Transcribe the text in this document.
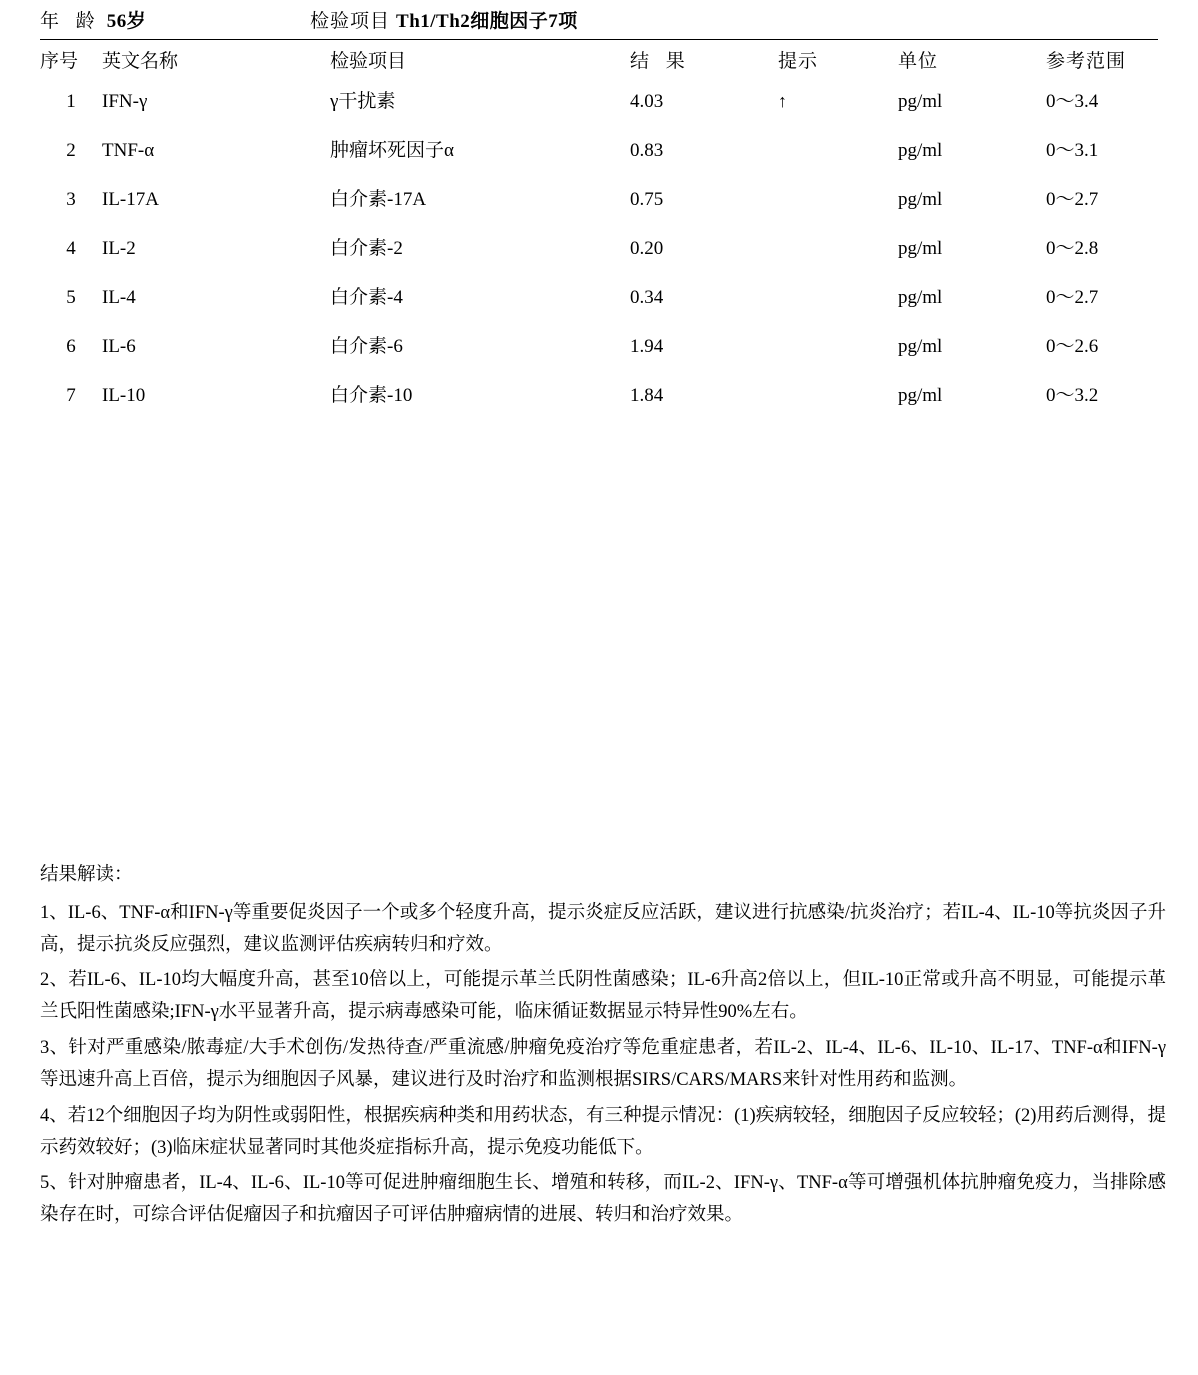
年 龄 56岁	检验项目 Th1/Th2细胞因子7项
序号	英文名称	检验项目	结 果	提示	单位	参考范围
1	IFN-γ	γ干扰素	4.03	↑	pg/ml	0～3.4
2	TNF-α	肿瘤坏死因子α	0.83		pg/ml	0～3.1
3	IL-17A	白介素-17A	0.75		pg/ml	0～2.7
4	IL-2	白介素-2	0.20		pg/ml	0～2.8
5	IL-4	白介素-4	0.34		pg/ml	0～2.7
6	IL-6	白介素-6	1.94		pg/ml	0～2.6
7	IL-10	白介素-10	1.84		pg/ml	0～3.2
结果解读：

1、IL-6、TNF-α和IFN-γ等重要促炎因子一个或多个轻度升高，提示炎症反应活跃，建议进行抗感染/抗炎治疗；若IL-4、IL-10等抗炎因子升高，提示抗炎反应强烈，建议监测评估疾病转归和疗效。

2、若IL-6、IL-10均大幅度升高，甚至10倍以上，可能提示革兰氏阴性菌感染；IL-6升高2倍以上，但IL-10正常或升高不明显，可能提示革兰氏阳性菌感染;IFN-γ水平显著升高，提示病毒感染可能，临床循证数据显示特异性90%左右。

3、针对严重感染/脓毒症/大手术创伤/发热待查/严重流感/肿瘤免疫治疗等危重症患者，若IL-2、IL-4、IL-6、IL-10、IL-17、TNF-α和IFN-γ等迅速升高上百倍，提示为细胞因子风暴，建议进行及时治疗和监测根据SIRS/CARS/MARS来针对性用药和监测。

4、若12个细胞因子均为阴性或弱阳性，根据疾病种类和用药状态，有三种提示情况：(1)疾病较轻，细胞因子反应较轻；(2)用药后测得，提示药效较好；(3)临床症状显著同时其他炎症指标升高，提示免疫功能低下。

5、针对肿瘤患者，IL-4、IL-6、IL-10等可促进肿瘤细胞生长、增殖和转移，而IL-2、IFN-γ、TNF-α等可增强机体抗肿瘤免疫力，当排除感染存在时，可综合评估促瘤因子和抗瘤因子可评估肿瘤病情的进展、转归和治疗效果。
